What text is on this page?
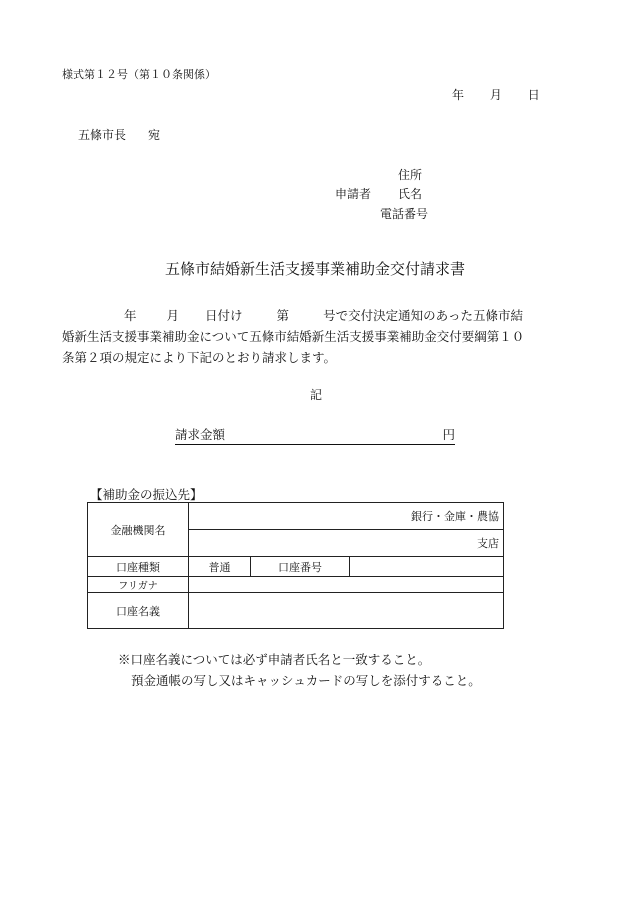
様式第１２号（第１０条関係）
年 月 日
五條市長 宛
住所
申請者 氏名
電話番号
五條市結婚新生活支援事業補助金交付請求書
年 月 日付け	第	号で交付決定通知のあった五條市結
婚新生活支援事業補助金について五條市結婚新生活支援事業補助金交付要綱第１０
条第２項の規定により下記のとおり請求します。
記
請求金額	円
【補助金の振込先】
金融機関名	銀行・金庫・農協		
	支店		
口座種類	普通	口座番号	
フリガナ			
口座名義			
※口座名義については必ず申請者氏名と一致すること。
預金通帳の写し又はキャッシュカードの写しを添付すること。
